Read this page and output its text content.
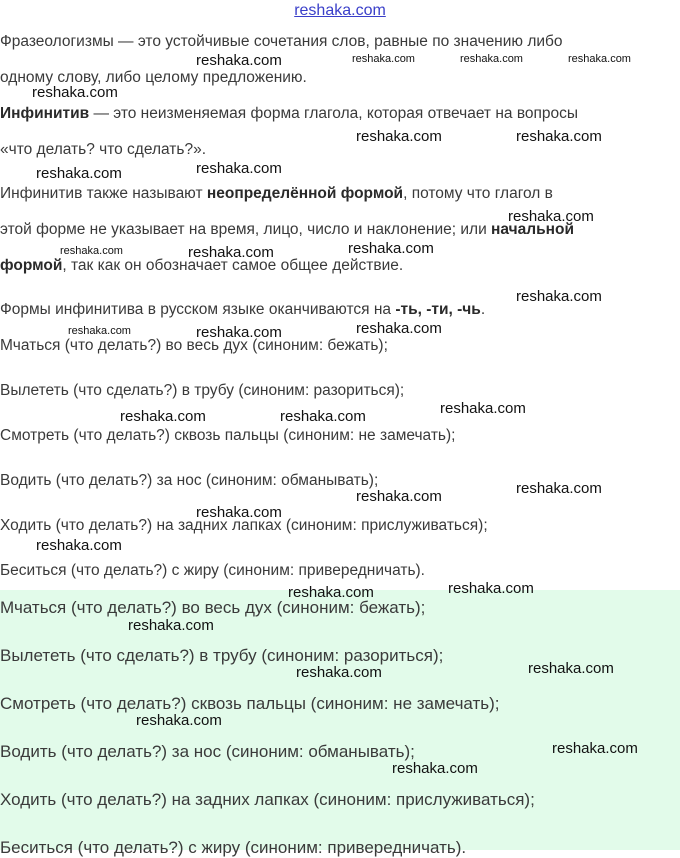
reshaka.com
Фразеологизмы — это устойчивые сочетания слов, равные по значению либо
одному слову, либо целому предложению.
Инфинитив — это неизменяемая форма глагола, которая отвечает на вопросы
«что делать? что сделать?».
Инфинитив также называют неопределённой формой, потому что глагол в
этой форме не указывает на время, лицо, число и наклонение; или начальной
формой, так как он обозначает самое общее действие.
Формы инфинитива в русском языке оканчиваются на -ть, -ти, -чь.
Мчаться (что делать?) во весь дух (синоним: бежать);
Вылететь (что сделать?) в трубу (синоним: разориться);
Смотреть (что делать?) сквозь пальцы (синоним: не замечать);
Водить (что делать?) за нос (синоним: обманывать);
Ходить (что делать?) на задних лапках (синоним: прислуживаться);
Беситься (что делать?) с жиру (синоним: привередничать).
Мчаться (что делать?) во весь дух (синоним: бежать);
Вылететь (что сделать?) в трубу (синоним: разориться);
Смотреть (что делать?) сквозь пальцы (синоним: не замечать);
Водить (что делать?) за нос (синоним: обманывать);
Ходить (что делать?) на задних лапках (синоним: прислуживаться);
Беситься (что делать?) с жиру (синоним: привередничать).
reshaka.com	reshaka.com	reshaka.com	reshaka.com
reshaka.com
reshaka.com	reshaka.com
reshaka.com
reshaka.com
reshaka.com
reshaka.com	reshaka.com	reshaka.com
reshaka.com
reshaka.com	reshaka.com	reshaka.com
reshaka.com
reshaka.com	reshaka.com
reshaka.com
reshaka.com
reshaka.com
reshaka.com
reshaka.com
reshaka.com
reshaka.com
reshaka.com
reshaka.com
reshaka.com
reshaka.com
reshaka.com
